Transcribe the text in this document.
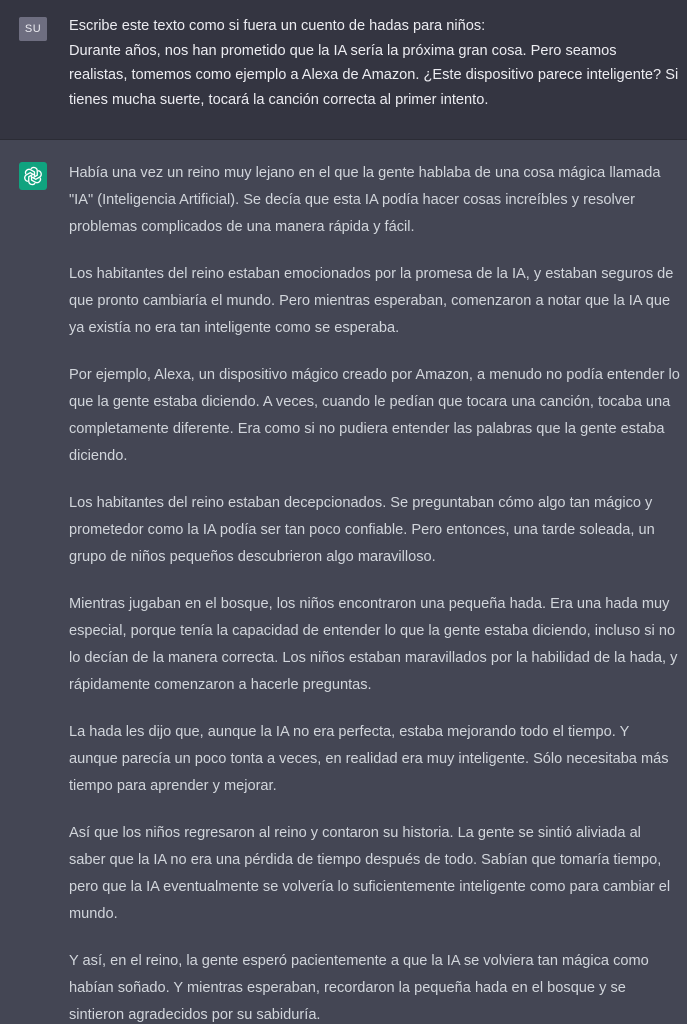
SU	Escribe este texto como si fuera un cuento de hadas para niños:
Durante años, nos han prometido que la IA sería la próxima gran cosa. Pero seamos realistas, tomemos como ejemplo a Alexa de Amazon. ¿Este dispositivo parece inteligente? Si tienes mucha suerte, tocará la canción correcta al primer intento.

Había una vez un reino muy lejano en el que la gente hablaba de una cosa mágica llamada "IA" (Inteligencia Artificial). Se decía que esta IA podía hacer cosas increíbles y resolver problemas complicados de una manera rápida y fácil.

Los habitantes del reino estaban emocionados por la promesa de la IA, y estaban seguros de que pronto cambiaría el mundo. Pero mientras esperaban, comenzaron a notar que la IA que ya existía no era tan inteligente como se esperaba.

Por ejemplo, Alexa, un dispositivo mágico creado por Amazon, a menudo no podía entender lo que la gente estaba diciendo. A veces, cuando le pedían que tocara una canción, tocaba una completamente diferente. Era como si no pudiera entender las palabras que la gente estaba diciendo.

Los habitantes del reino estaban decepcionados. Se preguntaban cómo algo tan mágico y prometedor como la IA podía ser tan poco confiable. Pero entonces, una tarde soleada, un grupo de niños pequeños descubrieron algo maravilloso.

Mientras jugaban en el bosque, los niños encontraron una pequeña hada. Era una hada muy especial, porque tenía la capacidad de entender lo que la gente estaba diciendo, incluso si no lo decían de la manera correcta. Los niños estaban maravillados por la habilidad de la hada, y rápidamente comenzaron a hacerle preguntas.

La hada les dijo que, aunque la IA no era perfecta, estaba mejorando todo el tiempo. Y aunque parecía un poco tonta a veces, en realidad era muy inteligente. Sólo necesitaba más tiempo para aprender y mejorar.

Así que los niños regresaron al reino y contaron su historia. La gente se sintió aliviada al saber que la IA no era una pérdida de tiempo después de todo. Sabían que tomaría tiempo, pero que la IA eventualmente se volvería lo suficientemente inteligente como para cambiar el mundo.

Y así, en el reino, la gente esperó pacientemente a que la IA se volviera tan mágica como habían soñado. Y mientras esperaban, recordaron la pequeña hada en el bosque y se sintieron agradecidos por su sabiduría.
